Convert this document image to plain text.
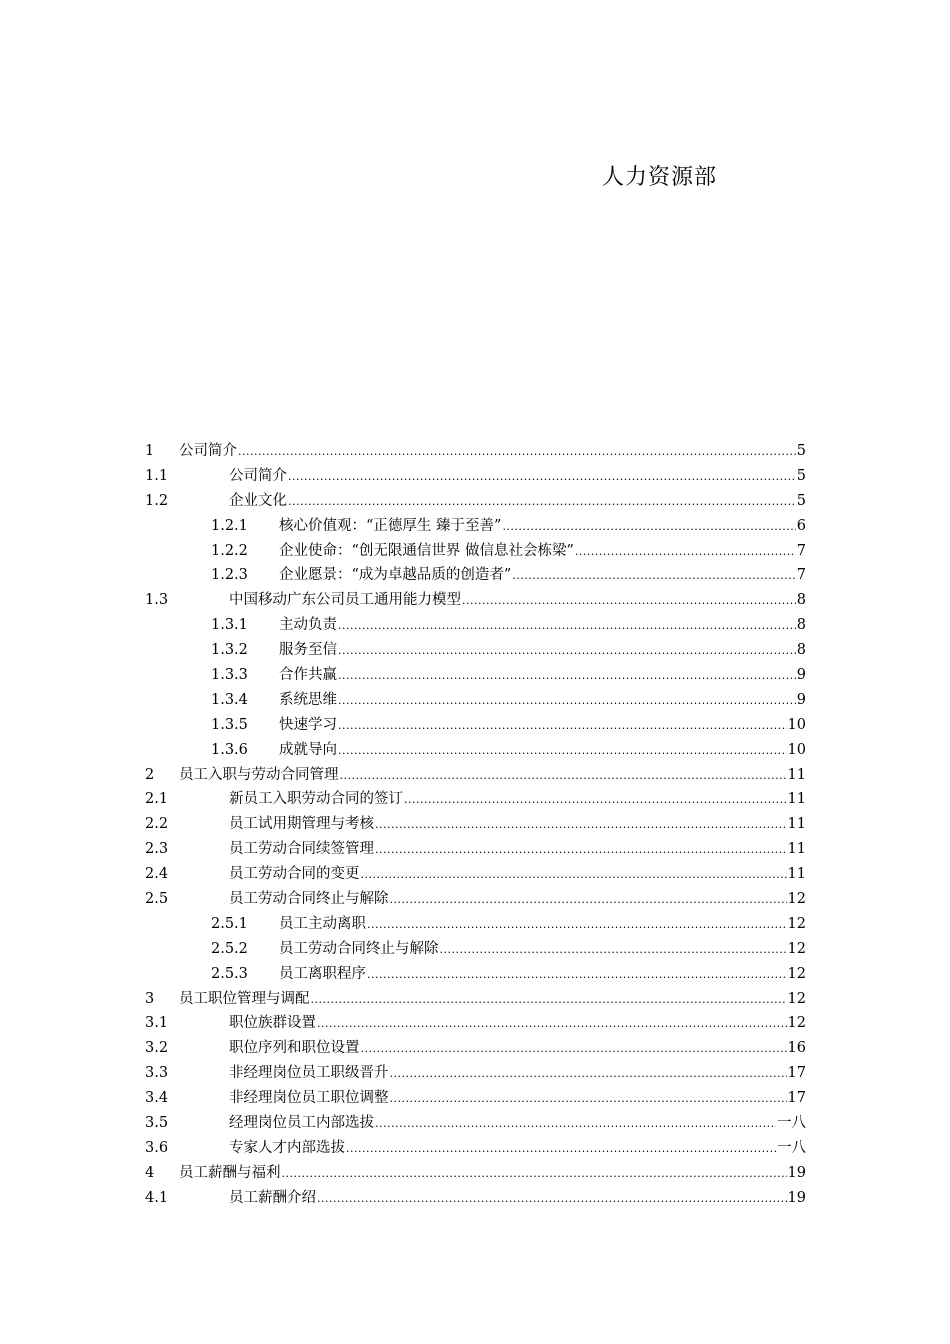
人力资源部
1 公司简介 .....	5
1.1	公司简介 .....	5
1.2	企业文化 .....	5
1.2.1 核心价值观：“正德厚生 臻于至善” .....	6
1.2.2 企业使命：“创无限通信世界 做信息社会栋梁” .....	7
1.2.3 企业愿景：“成为卓越品质的创造者” .....	7
1.3	中国移动广东公司员工通用能力模型 .....	8
1.3.1 主动负责 .....	8
1.3.2 服务至信 .....	8
1.3.3 合作共赢 .....	9
1.3.4 系统思维 .....	9
1.3.5 快速学习 .....	10
1.3.6 成就导向 .....	10
2 员工入职与劳动合同管理 .....	11
2.1	新员工入职劳动合同的签订 .....	11
2.2	员工试用期管理与考核 .....	11
2.3	员工劳动合同续签管理 .....	11
2.4	员工劳动合同的变更 .....	11
2.5	员工劳动合同终止与解除 .....	12
2.5.1 员工主动离职 .....	12
2.5.2 员工劳动合同终止与解除 .....	12
2.5.3 员工离职程序 .....	12
3 员工职位管理与调配 .....	12
3.1	职位族群设置 .....	12
3.2	职位序列和职位设置 .....	16
3.3	非经理岗位员工职级晋升 .....	17
3.4	非经理岗位员工职位调整 .....	17
3.5	经理岗位员工内部选拔 .....	一八
3.6	专家人才内部选拔 .....	一八
4 员工薪酬与福利 .....	19
4.1	员工薪酬介绍 .....	19
